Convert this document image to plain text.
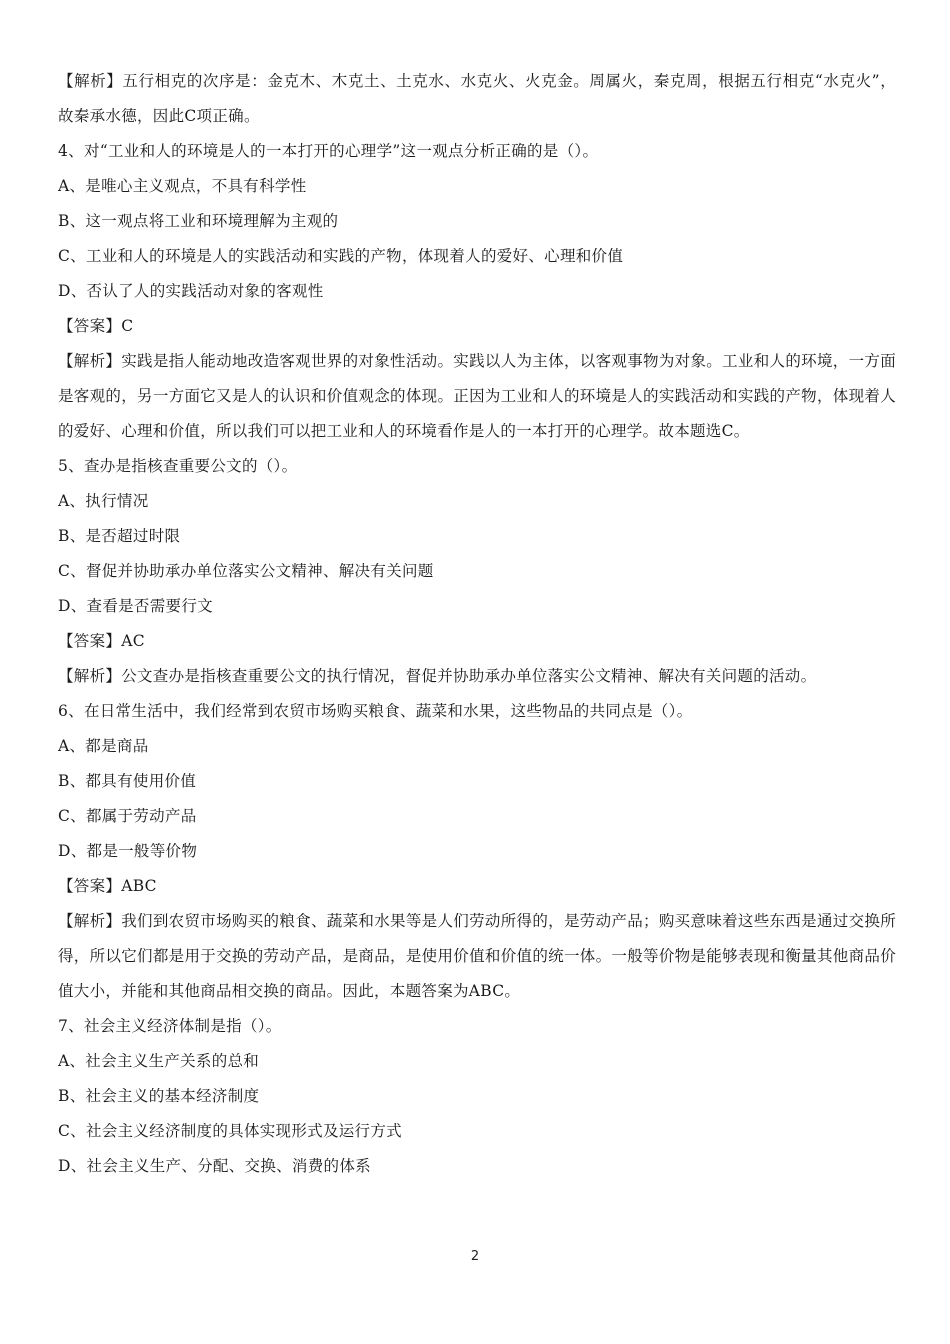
【解析】五行相克的次序是：金克木、木克土、土克水、水克火、火克金。周属火，秦克周，根据五行相克“水克火”，故秦承水德，因此C项正确。
4、对“工业和人的环境是人的一本打开的心理学”这一观点分析正确的是（）。
A、是唯心主义观点，不具有科学性
B、这一观点将工业和环境理解为主观的
C、工业和人的环境是人的实践活动和实践的产物，体现着人的爱好、心理和价值
D、否认了人的实践活动对象的客观性
【答案】C
【解析】实践是指人能动地改造客观世界的对象性活动。实践以人为主体，以客观事物为对象。工业和人的环境，一方面是客观的，另一方面它又是人的认识和价值观念的体现。正因为工业和人的环境是人的实践活动和实践的产物，体现着人的爱好、心理和价值，所以我们可以把工业和人的环境看作是人的一本打开的心理学。故本题选C。
5、查办是指核查重要公文的（）。
A、执行情况
B、是否超过时限
C、督促并协助承办单位落实公文精神、解决有关问题
D、查看是否需要行文
【答案】AC
【解析】公文查办是指核查重要公文的执行情况，督促并协助承办单位落实公文精神、解决有关问题的活动。
6、在日常生活中，我们经常到农贸市场购买粮食、蔬菜和水果，这些物品的共同点是（）。
A、都是商品
B、都具有使用价值
C、都属于劳动产品
D、都是一般等价物
【答案】ABC
【解析】我们到农贸市场购买的粮食、蔬菜和水果等是人们劳动所得的，是劳动产品；购买意味着这些东西是通过交换所得，所以它们都是用于交换的劳动产品，是商品，是使用价值和价值的统一体。一般等价物是能够表现和衡量其他商品价值大小，并能和其他商品相交换的商品。因此，本题答案为ABC。
7、社会主义经济体制是指（）。
A、社会主义生产关系的总和
B、社会主义的基本经济制度
C、社会主义经济制度的具体实现形式及运行方式
D、社会主义生产、分配、交换、消费的体系
2
